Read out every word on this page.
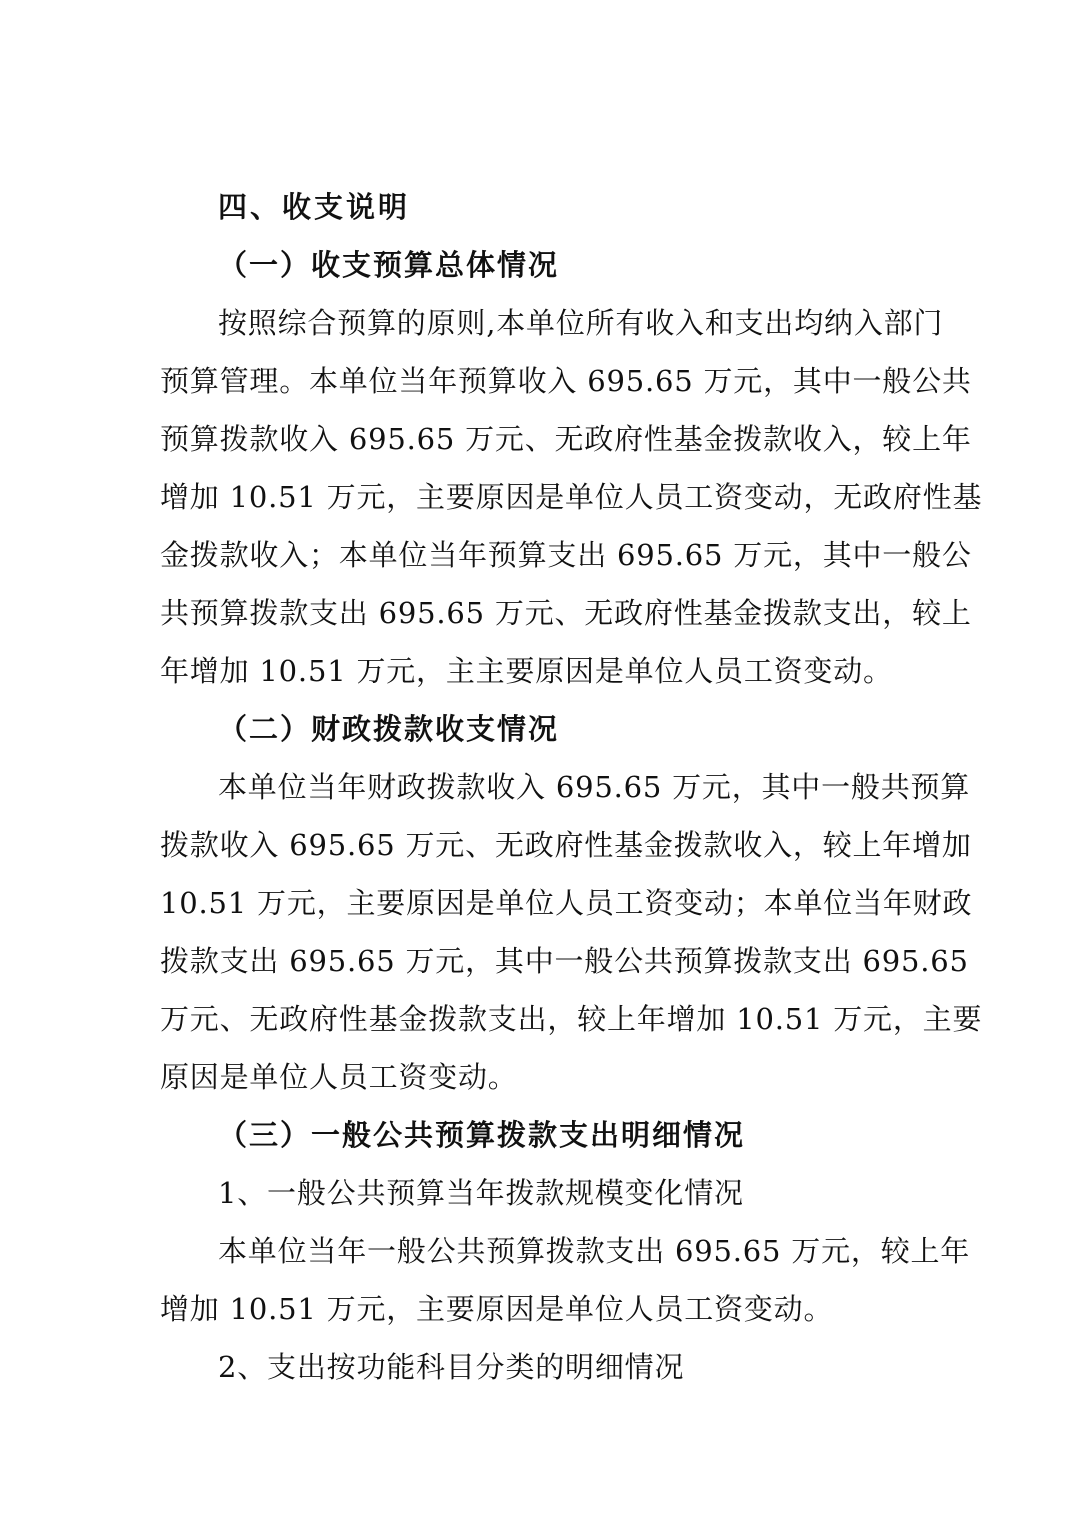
四、收支说明
（一）收支预算总体情况
按照综合预算的原则,本单位所有收入和支出均纳入部门
预算管理。本单位当年预算收入 695.65 万元，其中一般公共
预算拨款收入 695.65 万元、无政府性基金拨款收入，较上年
增加 10.51 万元，主要原因是单位人员工资变动，无政府性基
金拨款收入；本单位当年预算支出 695.65 万元，其中一般公
共预算拨款支出 695.65 万元、无政府性基金拨款支出，较上
年增加 10.51 万元，主主要原因是单位人员工资变动。
（二）财政拨款收支情况
本单位当年财政拨款收入 695.65 万元，其中一般共预算
拨款收入 695.65 万元、无政府性基金拨款收入，较上年增加
10.51 万元，主要原因是单位人员工资变动；本单位当年财政
拨款支出 695.65 万元，其中一般公共预算拨款支出 695.65
万元、无政府性基金拨款支出，较上年增加 10.51 万元，主要
原因是单位人员工资变动。
（三）一般公共预算拨款支出明细情况
1、一般公共预算当年拨款规模变化情况
本单位当年一般公共预算拨款支出 695.65 万元，较上年
增加 10.51 万元，主要原因是单位人员工资变动。
2、支出按功能科目分类的明细情况
